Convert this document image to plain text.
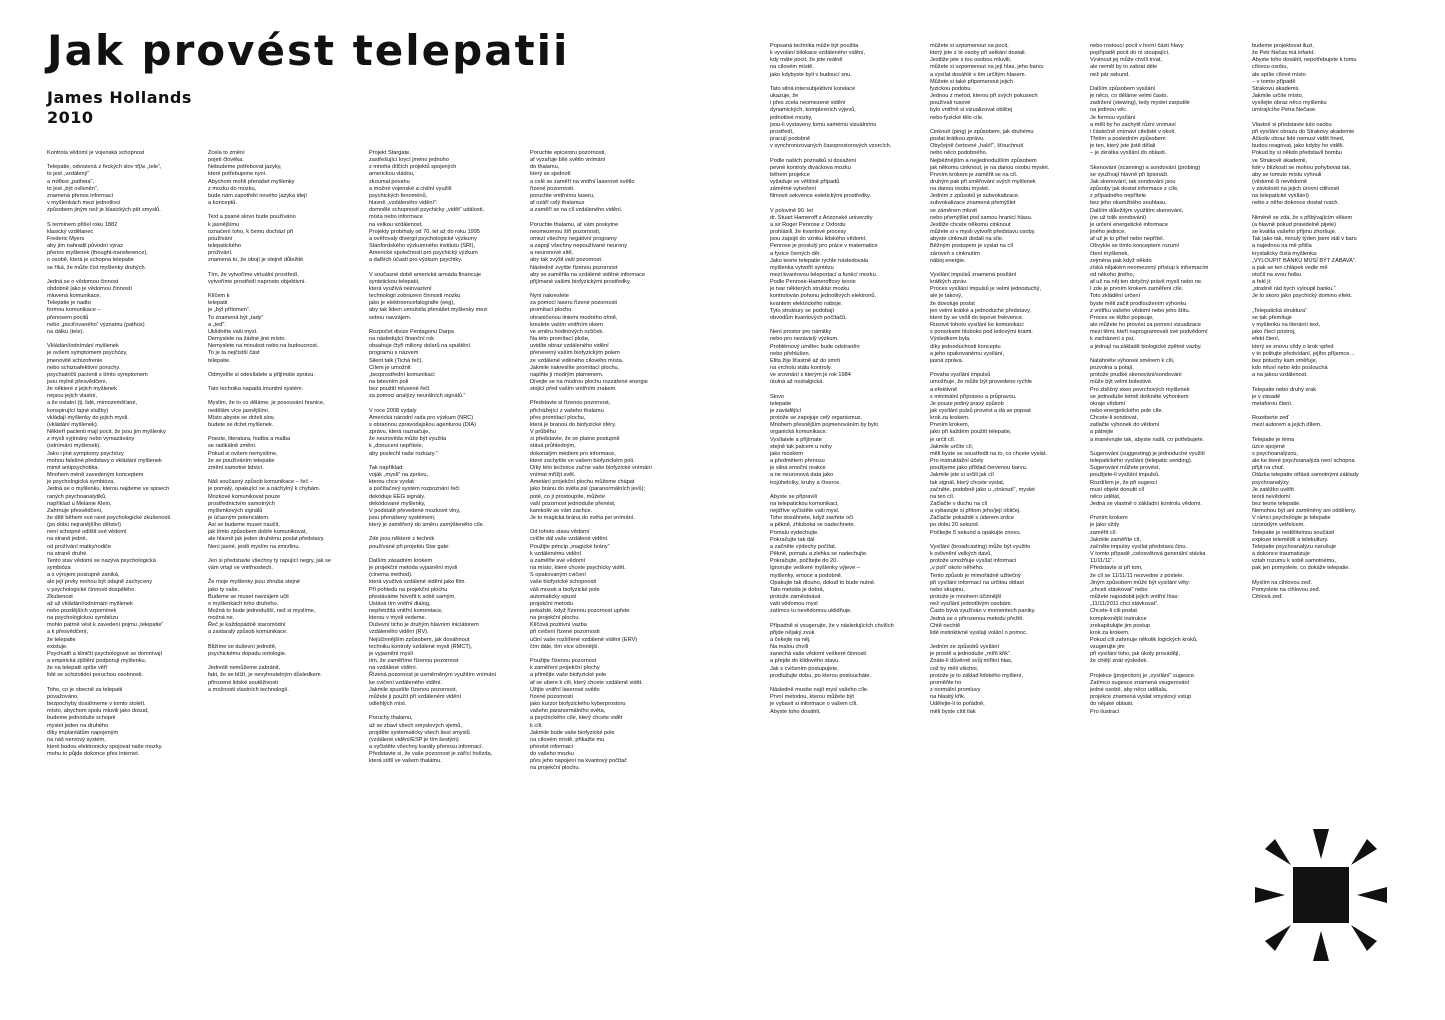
Jak provést telepatii
James Hollands
2010
Kontrola vědomí je vojenská schopnost

Telepatie, odvozená z řeckých slov τῆλε „tele“,
to jest „vzdálený“
a πάθεια „patheia“,
to jest „být ovlivněn“,
znamená přenos informací
v myšlenkách mezi jednotlivci
způsobem jiným než je klasických pět smyslů.

S termínem přišel roku 1882
klasický vzdělanec
Frederic Myers
aby jím nahradil původní výraz
přenos myšlenek (thought-transference).
o osobě, která je schopna telepatie
se říká, že může číst myšlenky druhých.

Jedná se o vědomou činnost
obdobně jako je vědomou činností
mluvená komunikace.
Telepatie je nadto
formou komunikace –
přenosem pocitů
nebo „pociťovaného“ významu (pathos)
na dálku (tele).

Vkládání/odnímání myšlenek
je ovšem symptomem psychózy,
jmenovitě schizofrenie
nebo schizoafektivní poruchy.
psychiatričtí pacienti s tímto symptomem
jsou mylně přesvědčeni,
že některé z jejich myšlenek
nejsou jejich vlastní,
a že ostatní (tj. lidé, mimozemšťané,
konspirující tajné služby)
vkládají myšlenky do jejich mysli.
(vkládání myšlenek).
Někteří pacienti mají pocit, že jsou jim myšlenky
z mysli vyjímány nebo vymazávány
(odnímání myšlenek).
Jako i jiné symptomy psychózy
mohou falešné představy o vkládání myšlenek
mimit antipsychotika.
Mnohem méně zavedeným konceptem
je psychologická symbióza.
Jedná se o myšlenku, kterou najdeme ve spisech
raných psychoanalytiků,
například u Melanie Klein.
Zahrnuje přesvědčení,
že dítě během své rané psychologické zkušenosti
(po dobu nejranějšího dětství)
není schopné odlišit své vědomí
na straně jedné,
od prožívání matky/rodiče
na straně druhé.
Tento stav vědomí se nazývá psychologická
symbióza
a s výrojem postupně zaniká,
ale její prvky mohou být údajně zachyceny
v psychologické činnosti dospělého.
Zkušenost
až už vkládání/odnímání myšlenek
nebo pozdějších vzpomínek
na psychologickou symbiózu
mohlo patrně vést k zavedení pojmu „telepatie“
a k přesvědčení,
že telepatie
existuje.
Psychiatři a kliničtí psychologové se domnívají
a empirická zjištění podporují myšlenku,
že na telepatii spíše věří
lidé se schizotidní poruchou osobnosti.

Toho, co je obecně za telepatii
považováno,
bezpochyby dosáhneme v tomto století.
místo, abychom spolu mluvili jako dosud,
budeme jednoduše schopni
myslet jeden na druhého
díky implantátům napojeným
na náš nervový systém,
které budou elektronicky spojovat naše mozky.
mohu to půjde dokonce přes internet.
Zcela to změní
pojetí člověka.
Nebudeme potřebovat jazyky,
které potřebujeme nyní.
Abychom mohli přenášet myšlenky
z mozku do mozku,
bude nám zapotřebí nového jazyka idejí
a konceptů.

Text a psané slovo bude používáno
k jasnějšímu
označení toho, k čemu dochází při
používání
telepatického
prožívání.
znamená to, že obojí je stejně důležité.

Tím, že vytvoříme virtuální prostředí,
vytvoříme prostředí naprosto objektivní.

Klíčem k
telepatii
je „být přítomen“.
To znamená být „tady“
a „teď“.
Uklidněte vaši mysl.
Demyslete na žádné jiné místo.
Nemyslete na minulost nebo na budoucnost.
To je ta nejčistší část
telepatie.

Odmyslíte si odesílatele a přijímáte zprávu.

Tato technika napadá imunitní systém.

Myslím, že to co děláme, je posouvání hranice,
nedělám více jasnějšími.
Místo abyste se drželi slov,
budete se držet myšlenek.

Poezie, literatura, hudba a malba
se radikálně změní.
Pokud si ovšem nemyslíme,
že se používáním telepatie
změní samotné lidství.

Náš současný způsob komunikace – řeč –
je pomalý, opakující se a náchylný k chybám.
Mozkové komunikovat pouze
prostřednictvím samotných
myšlenkových signálů
je účasným potenciálem.
Asi se budeme muset naučit,
jak tímto způsobem dobře komunikovat,
ale hlavně jak jeden druhému poslat představy.
Není jasné, jestli myslím na zmrzlinu.

Jen si představte všechny ty rapující negry, jak se
vám vrtají ve vnitřnostech.

Že moje myšlenky jsou zhruba stejné
jako ty vaše.
Budeme se muset navzájem učit
o myšlenkách toho druhého.
Možná to bude jednodušší, než si myslíme,
možná ne.
Řeč je každopádně staromódní
a zastaralý způsob komunikace.

Bližíme se duševní jednotě,
psychickému dopadu ontologie.

Jednotě nemůžeme zabránit,
fakt, že se blíží, je nevyhnutelným důsledkem
přirozené lidské soutěživosti
a možnosti vlastních technologií.
Projekt Stargate,
zastřešující krycí jméno jednoho
z mnoha dílčích projektů spojených
americkou vládou,
zkoumal povahu
a možné vojenské a civilní využití
psychických fenoménů,
hlavně „vzdáleného vidění“:
domnělé schopnosti psychicky „vidět“ události,
místa nebo informace
na velkou vzdálenost.
Projekty probíhaly od 70. let až do roku 1995
a ověřovaly divergii psychologické výzkumy
Stanfordského výzkumného institutu (SRI),
Americké společnosti pro psychický výzkum
a dalších účastí pro výzkum psychiky.

V současné době americká armáda financuje
syntetickou telepatii,
která využívá neinvazivní
technologii zobrazení činnosti mozku
jako je elektroencefalografie (eeg),
aby tak lidem umožnila přenášet myšlenky mezi
sebou navzájem.

Rozpočet divize Pentagonu Darpa
na následující finanční rok
obsahuje čtyři miliony dolarů na spuštění
programu s názvem
Silent talk (Tichá řeč).
Cílem je umožnit
„bezprostřední komunikaci
na bitevním poli
bez použití mluvené řeči
za pomoci analýzy neurálních signálů.“

V roce 2008 vydaly
Americká národní rada pro výzkum (NRC)
s obrannou zpravodajskou agenturou (DIA)
zprávu, která naznačuje,
že neurověda může být využita
k „donucení nepřítele,
aby poslechl naše rozkazy.“

Tak například:
voják „myslí“ na zprávu,
kterou chce vyslat
a počítačový systém rozpoznání řeči
dekóduje EEG signály.
dekódované myšlenky,
V podstatě převedené mozkové vlny,
jsou přenášeny systémem,
který je zaměřený do směru zamýšleného cíle.

Zde jsou některé z technik
používané při projektu Star gate:

Dalším zásadním krokem
je projekční metoda vyjasnění mysli
(cinema method).
která využívá vzdálené vidění jako film.
Při pohledu na projekční plochu
přestáváme hovořit k sobě samým.
Ustává tím vnitřní dialog,
nepřetržitá vnitřní komentace,
kterou v mysli vedeme.
Duševní ticho je druhým hlavním iniciátorem
vzdáleného vidění (RV).
Nejúčinnějším způsobem, jak dosáhnout
techniku kontroly vzdálené mysli (RMCT),
je vyjasnění mysli
tím, že zaměříme řízenou pozornost
na vzdálené vidění.
Řízená pozornost je usměrněným využitím vnímání
ke cvičení vzdáleného vidění.
Jakmile spustíte řízenou pozornost,
můžete ji použít při vzdáleném vidění
odlehlých míst.

Poruchy thalamu,
až se zbaví všech smyslových vjemů,
projděte systematicky všech šest smyslů
(vzdálené vidění/ESP je tím šestým)
a vyčistěte všechny kanály přenosu informací.
Představte si, že vaše pozornost je zářící hvězda,
která sídlí ve vašem thalamu.
Poruchte epicentru pozornosti,
af vyzařuje bílé světlo vnímání
do thalamu,
který se sjednotí
a celé se zaměří na vnitřní laserové světlo
řízené pozornosti.
poruchte vnitřnímu laseru,
af ozáří celý thalamus
a zaměří se na cíl vzdáleného vidění.

Poruchte thalamu, ať vám poskytne
neomezenou šíři pozornosti,
omezí všechny negativní programy
a zapojí všechny nepoužívané neurony
a neuronové sítě,
aby tak zvýšil vaši pozornost.
Následně zvyšte řízenou pozornost
aby se zaměřila na vzdálené viděné informace
přijímané vašimi biofyzickými prostředky.

Nyní nakreslete
za pomocí laseru řízené pozornosti
promítací plochu
ohraničenou liniemi modrého ohně,
kreslete vaším vnitřním okem
ve směru hodinových ručiček.
Na této promítací ploše,
uvidíte obraz vzdáleného vidění
přenesený vaším biofyzickým polem
ze vzdálené viděného cílového místa.
Jakmile nakreslíte promítací plochu,
naplňte ji modrým plamenem.
Dívejte se na modrou plochu rozzářené energie
stojící před vaším vnitřním zrakem.

Představte si řízenou pozornost,
přichážející z vašeho thalamu
přes promítací plochu,
která je branou do biofyzické sféry.
V průběhu
si představte, že se platno postupně
stává průhledným,
dokonalým médiem pro informace,
které zachytíte ve vašem biofyzickém poli.
Díky této technice začne vaše biofyzické vnímání
vnímat mřížjí svět.
Ametání projekční plochu můžeme chápat
jako bránu do světa psi (paranormálních jevů);
poté, co ji prostoupíte, můžete
vaší pozornost jednoduše přenést,
kamkoliv se vám zachce.
Je to magická brána do světa psi vnímání.

Od tohoto stavu vědomí
cvičte dál vaše vzdálené vidění.
Použijte princip „magické brány“
k vzdálenému vidění
a zaměřte své vědomí
na místo, které chcete psychicky vidět.
S opakovaným cvičení
vaše biofyzické schopnosti
váš mozek a biofyzické pole
automaticky spustí
projekční metodu
pokaždé, když řízenou pozornost upřete
na projekční plochu.
Klíčová pozitivní vazba
při cvičení řízené pozornosti
učiní vaše rozšířené vzdálené vidění (ERV)
čím dále, tím více účinnější.
.
Použijte řízenou pozornost
k zaměření projekční plochy
a přimějte vaše biofyzické pole
af se ubere k cíli, který chcete vzdáleně vidět.
Užijte vnitřní laserové světlo
řízené pozornosti
jako kurzor biofyzického kyberprostoru
vašeho paranormálního světa,
a psychického cíle, který chcete vidět
k cíli.
Jakmile bude vaše biofyzické pole
na cílovém místě, přikažte mu
přenést informaci
do vašeho mozku
přes jeho napojení na kvantový počítač
na projekční plochu.
Popsaná technika může být použita
k vyvolání bilokace vzdáleného vidění,
kdy máte pocit, že jste reálně
na cílovém místě,
jako kdybyste byli v budoucí snu.

Tato silná intersubjektivní korelace
ukazuje, že
i přes zcela neomezené vidění
dynamických, komplexních výjevů,
jednotlivé mozky,
jsou-li vystaveny tomu samému vizuálnímu
prostředí,
pracují podobně
v synchronizovaných časoprostorových vzorcích.

Podle našich poznatků si dosažení
pevné kontroly diváckova mozku
během projekce
vyžaduje ve většině případů
záměrné vytvoření
filmové sekvence estetickými prostředky.

V polovině 90. let
dr. Stuart Hameroff z Arizonské univerzity
a sir Roger Penrose z Oxfordu
prohlásili, že kvantové procesy
jsou zapojit do vzniku lidského vědomí.
Penrose je proslulý pro práce v matematice
a fyzice černých děr.
Jako teorie telepatie rychle následovala
myšlenka vytvořit syntézu
mezi kvantovou teleportací a funkcí mozku.
Podle Penrose-Hameroffovy teorie
je tvar některých struktur mozku
kontrolován pohonu jednotlivých elektronů,
kvantem elektrického náboje.
Tyto struktury se podobají
obvodům kvantových počítačů.

Není prostor pro námitky
nebo pro nezávislý výzkum.
Problémový umělec bude odstraněn
nebo přehlušen.
Elita žije šťastně až do smrti
na vrcholu státu kontroly.
ve srovnání s kterým je rok 1984
útulná až nostalgická.

Slovo
telepatie
je zavádějící
protože se zapojuje celý organismus.
Mnohem přesnějším pojmenováním by bylo
organická komunikace.
Vysílatele a přijímate
stejně tak palcem u nohy
jako mozkem
a předmětem přenosu
je silná emoční reakce
a ne neuronová data jako
trojúhelníky, kruhy a čtverce.

Abyste se připravili
na telepatickou komunikaci,
nejdříve vyčistěte vaši mysl.
Toho dosáhnete, když zavřete oči
a pěkně, zhluboka se nadechnete.
Pomalu vydechujte.
Pokračujte tak dál
a začněte výdechy počítat.
Pěkně, pomalu a zlehka se nadechujte.
Pokračujte, počítejte do 20.
Ignorujte veškeré myšlenky výjeve –
myšlenky, emoce a podobně.
Opakujte tak dlouho, dokud to bude nutné.
Tato metoda je dobrá,
protože zaměstnává
vaši vědomou mysl
zatímco tu nevědomou uklidňuje.

Případně si vsugerujte, že v následujících chvílích
přijde nějaký zvuk
a čekejte na něj.
Na malou chvíli
zanechá vaše vědomí veškeré činnosti
a přejde do klidového stavu.
Jak s cvičením postupujete,
prodlužujte dobu, po kterou posloucháte.

Následně musíte najít mysl vašeho cíle.
První metodou, kterou můžete být
je vybavit si informace o vašem cíli.
Abyste toho dosáhli,
můžete si vzpomenout na pocit,
který jste z té osoby při setkání dostali.
Jestliže jste s tou osobou mluvili,
můžete si vzpomenout na její hlas, jeho barvu
a vysílat dosáhlé s tím určitým hlasem.
Můžete si také připomenout jejich
fyzickou podobu.
Jednou z metod, kterou při svých pokusech
používali rusové
bylo vnitřně si vizualizovat obličej
nebo fyzické tělo cíle.

Cinknutí (ping) je způsobem, jak druhému
poslat krátkou zprávu.
Obyčejně čertovné „haló!“, šťouchnutí
nebo něco podobného.
Nejběžnějším a nejjednodušším způsobem
jak někomu cinknout, je na danou osobu myslet.
Prvním krokem je zaměřit se na cíl.
druhým pak při směřování svých myšlenek
na danou osobu myslet.
Jedním z způsobů je subvokalizace.
subvokalizace znamená přemýšlet
se záměrem mluvit
nebo přemýšlet pod samou hranicí hlasu.
Jestliže chcete někomu cinknout
můžete si v mysli vytvořit představu osoby.
abyste cinknutí dodali na síle.
Běžným postupem je vyslat na cíl
zároveň s cinknutím
náboj energie.

Vysílání impulsů znamená posílání
krátkých zpráv.
Proces vysílání impulsů je velmi jednoduchý,
ale je takový,
že dovoluje poslat
jen velmi krátké a jednoduché představy,
které by se vešli do tepové frekvence.
Rusové tohoto vysílání ke komunikaci
s ponorkami hluboko pod ledovými krami.
Výsledkem byla,
díky jednoduchosti konceptu
a jeho opakovanému vysílání,
jasná zpráva.

Povaha vysílání impulsů
umožňuje, že může být provedeno rychle
a efektivně
s minimální přípravou a průpravou.
Je pouze jediný pravý způsob
jak vysílání pulsů provést a dá se popsat
krok za krokem.
Prvním krokem,
jako při každém použití telepatie,
je určit cíl.
Jakmile určíte cíl,
měli byste se soustředit na to, co chcete vyslat.
Pro instruktážní účely
použijeme jako příklad červenou barvu.
Jakmile jste si určili jak cíl
tak signál, který chcete vyslat,
začněte, podobně jako u „cinknutí“, myslet
na ten cíl.
Začlačte v duchu na cíl
a vybavujte si přitom jeho/její obličej.
Začlačte pokaždé s úderem srdce
po dobu 20 sekund.
Počkejte 5 sekund a opakujte znovu.

Vysílání (broadcasting) může být využito
k ovlivnění velkých davů,
protože umožňuje vysílat informaci
„v poli“ okolo něhého.
Tento způsob je mimořádně užitečný
při vysílání informací na určitou oblast
nebo skupinu,
protože je mnohem účinnější
než vysílání jednotlivým osobám.
Často bývá využíván v momentech paniky.
Jedná se o přirozenou metodu přežití.
Chtě nechtě
lidé instinktivně vysílají volání o pomoc.

Jedním ze způsobů vysílání
je prostě a jednoduše „mířit křik“.
Znáte-li důvěrně svůj mířitní hlas,
což by měli všichni,
protože je to základ lidského myšlení,
proměňte ho
z normální promluvy
na hlasitý křik.
Udělejte-li to pořádně,
měli byste cítit tlak
nebo rostoucí pocit v horní části hlavy
popřípadě pocit do ní stoupající.
Vyvinout jej může chvíli trvat,
ale neměl by to zabrat déle
než pár sekund.

Dalším způsobem vysílání
je něco, co děláme velmi často.
zadržení (stewing), tedy myslet zarputile
na jedinou věc.
Je formou vysílání
a měli by ho zachytit různí vnímaví
i částečně vnímaví citelisté v okolí.
Třetím a posledním způsobem
je ten, který jste jistě dělali
– je zkrátka vysílání do oblasti.

Skenování (scanning) a sondování (probing)
se využívají hlavně při špionáži.
Jak skenování, tak sondování jsou
způsoby jak dostat informace z cíle,
z případného nepřítele
bez jeho okamžitého souhlasu.
Dalším důležitým využitím skenování,
(ne už tolik sondování)
je určení energetické informace
jiného jedince,
af už je to přítel nebo nepřítel.
Obvykle se tímto konceptem rozumí
čtení myšlenek,
zejména pak když někdo
získá nějakém neomezený přístup k informacím
od někoho jiného,
af už na něj ten dotyčný právě myslí nebo ne.
I zde je prvním krokem zaměření cíle.
Toto zkládění určení
byste měli začít prodloužením výhonku
z vnitřku vašeho vědomí nebo jeho štítu.
Proces se těžko popisuje,
ale můžete ho provést za pomoci vizualizace
mezi těmi, kteří naprogramovali své podvědomí
k zacházení s psi,
a jednají na základě biologické zpětné vazby.

Natáhněte výhonek směrem k cíli,
pozvolna a potají,
protože prudké skenování/sondování
může být velmi bolestivé.
Pro zběžný sken povrchových myšlenek
se jednoduše letmě dotkněte výhonkem
okraje vědomí
nebo energetického pole cíle.
Chcete-li sondovat,
zatlačte výhonek do vědomí
a pátrejte
a manévrujte tak, abyste našli, co potřebujete.

Sugerování (suggesting) je jednoduché využití
telepatického vysílání (telepatic sending).
Sugerování můžete provést,
použijete-li vysílání impulsů.
Rozdílem je, že při sugesci
musí objekt donutit cíl
něco udělat,
Jedná se vlastně o základní kontrolu vědomí.

Prvním krokem
je jako vždy
zaměřit cíl.
Jakmile zaměříte cíl,
začněte impulsy vysílat představu činu.
V tomto případě „celosvětová generální stávka
11/11/11“.
Představte si při tom,
že cíl se 11/11/11 nezvedne z postele.
Jiným způsobem může být vysílání věty:
„chceš stávkovat“ nebo
můžete napodobit jejich vnitřní hlas:
„11/11/2011 chci stávkovat“.
Chcete-li cíli poslat
komplexnější instrukce
zrekapitulujte jim postup
krok za krokem.
Pokud cíli zahrnuje několik logických kroků,
vsugerujte jim
při vysílání toho, jak úkoly provádějí,
že chtějí znát výsledek.

Projekce (projection) je „vysílání“ sugesce.
Zatímco sugesce znamená vsugerování
jedné osobě, aby něco udělala,
projekce znamená vyslat smyslový vstup
do nějaké oblasti.
Pro ilustraci
budeme projektovat iluzi,
že Petr Nečas má infarkt.
Abyste toho dosáhli, nepotřebujete k tomu
cílovou osobu,
ale spíše cílové místo
– v tomto případě
Strakovu akademii.
Jakmile určíte místo,
vysílejte obraz něco myšlenku
umírajícího Petra Nečase.

Vlastně si představte tuto osobu
při vysílání obrazu do Strakovy akademie
Ačkoliv obraz lidé nemusí vidět hned,
budou reagovat, jako kdyby ho viděli.
Pokud by si někdo představil bombu
ve Strakově akademii,
lidé v blízkosti se mohou pohybovat tak,
aby se tomuto místu vyhnuli
(vědomě či nevědomě
v závislosti na jejich úrovni citlivosti
na telepatické vysílání)
nebo z něho dokonce dostat rvach.

Niméně se zdá, že s přibývajícím věkem
(a hlavně pokud pravidelně pijete)
se kvalita vašeho příjmu zhoršuje.
Tak jako tak, minulý týden jsem stál v baru
a najednou na mě přišla
krystalicky čistá myšlenka:
„VYLOUPIT BANKU MUSÍ BÝT ZÁBAVA“.
a pak se ten chlápek vedle mě
otočil na svou holku
a řekl jí:
„strašně rád bych vyloupil banku.“
Je to skoro jako psychický domino efekt.

„Telepatická struktura“
se tak přemítuje
v myšlenku na literární text,
jako čtecí pristroj,
efekt čtení,
který se znovu vždy o krok vpřed
v to politujte předvídaní, jejího příjemce…
bez potuchy kam směřuje,
kdo mluví nebo kdo poslouchá
a na jakou vzdálenost.

Telepatie nebo druhý zrak
je v zásadě
metaforou čtení.

Rozeberte zeď
mezi autorem a jejich dílem.

Telepatie je téma
úzce spojené
s psychoanalýzou,
ale ke které psychoanalýza není schopna
přijít na chuť.
Otázka telepatie otřásá samotnými základy
psychoanalýzy.
Je zatěžko uvěřit
teorii nevědomí
bez teorie telepatie.
Nemohou být ani zaměněny ani odděleny.
V rámci psychologie je telepatie
cizorodým vetřelcem.
Telepatie je nedělitelnou součástí
exploze telemědií a telekultury.
Telepatie psychoanalýzu narušuje
a dokonce traumatizuje
vztah rozumu k sobě samotnému,
pak jen pomyslete, co dokáže telepatie.

Myslím na cihlovou zeď.
Pomyslete na cihlovou zeď.
Cihlová zeď.
